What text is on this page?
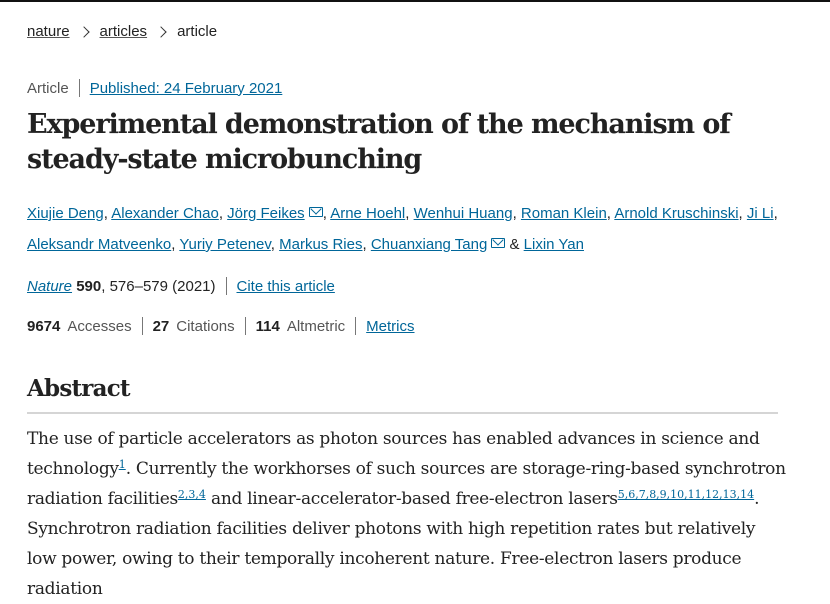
nature articles article
Article Published: 24 February 2021
Experimental demonstration of the mechanism of steady-state microbunching
Xiujie Deng, Alexander Chao, Jörg Feikes , Arne Hoehl, Wenhui Huang, Roman Klein, Arnold Kruschinski, Ji Li, Aleksandr Matveenko, Yuriy Petenev, Markus Ries, Chuanxiang Tang & Lixin Yan
Nature
590 , 576–579 (2021) Cite this article
9674 Accesses 27 Citations 114 Altmetric Metrics
Abstract

The use of particle accelerators as photon sources has enabled advances in science and technology$^1$. Currently the workhorses of such sources are storage-ring-based synchrotron radiation facilities$^{2,3,4}$ and linear-accelerator-based free-electron lasers$^{5,6,7,8,9,10,11,12,13,14}$. Synchrotron radiation facilities deliver photons with high repetition rates but relatively low power, owing to their temporally incoherent nature. Free-electron lasers produce radiation
